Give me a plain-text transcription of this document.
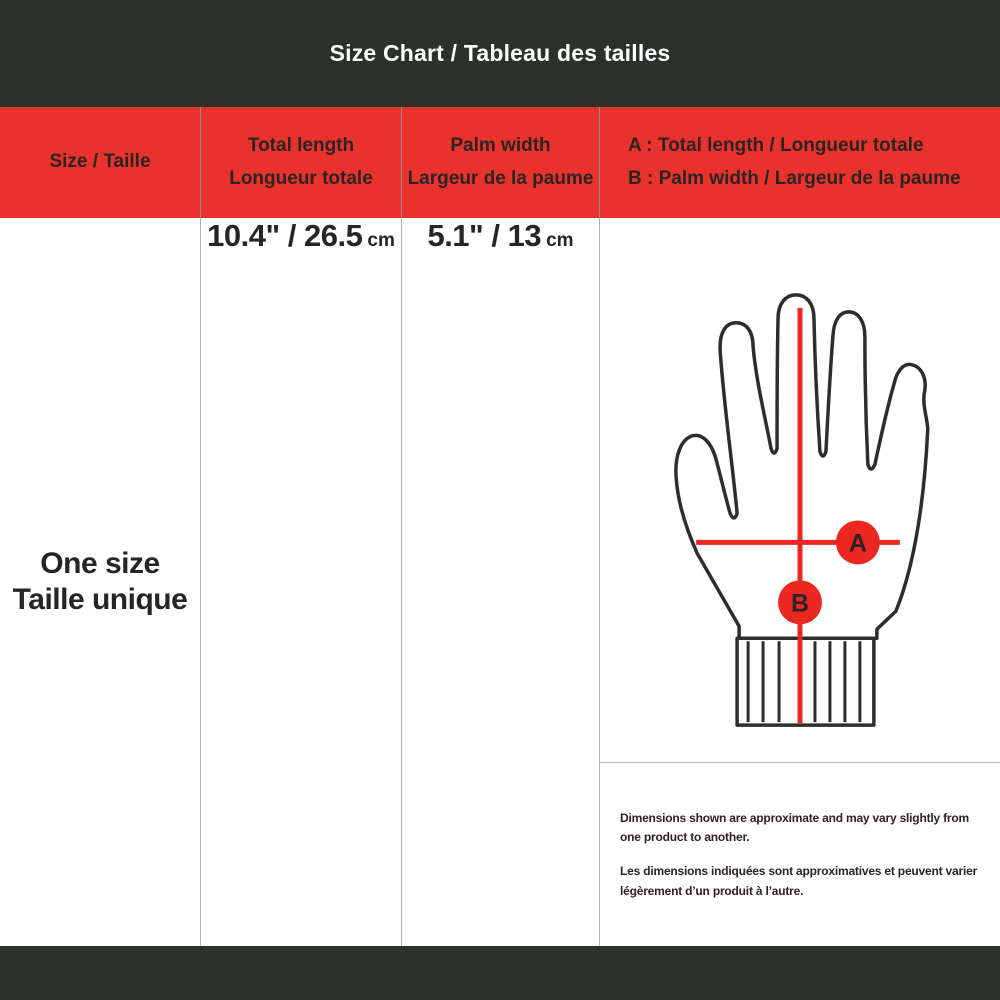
Size Chart / Tableau des tailles
Size / Taille
Total length
Longueur totale
Palm width
Largeur de la paume
A : Total length / Longueur totale
B : Palm width / Largeur de la paume
One size
Taille unique
10.4" / 26.5 cm 5.1" / 13 cm
A
B

Dimensions shown are approximate and may vary slightly from
one product to another.

Les dimensions indiquées sont approximatives et peuvent varier
légèrement d’un produit à l’autre.
